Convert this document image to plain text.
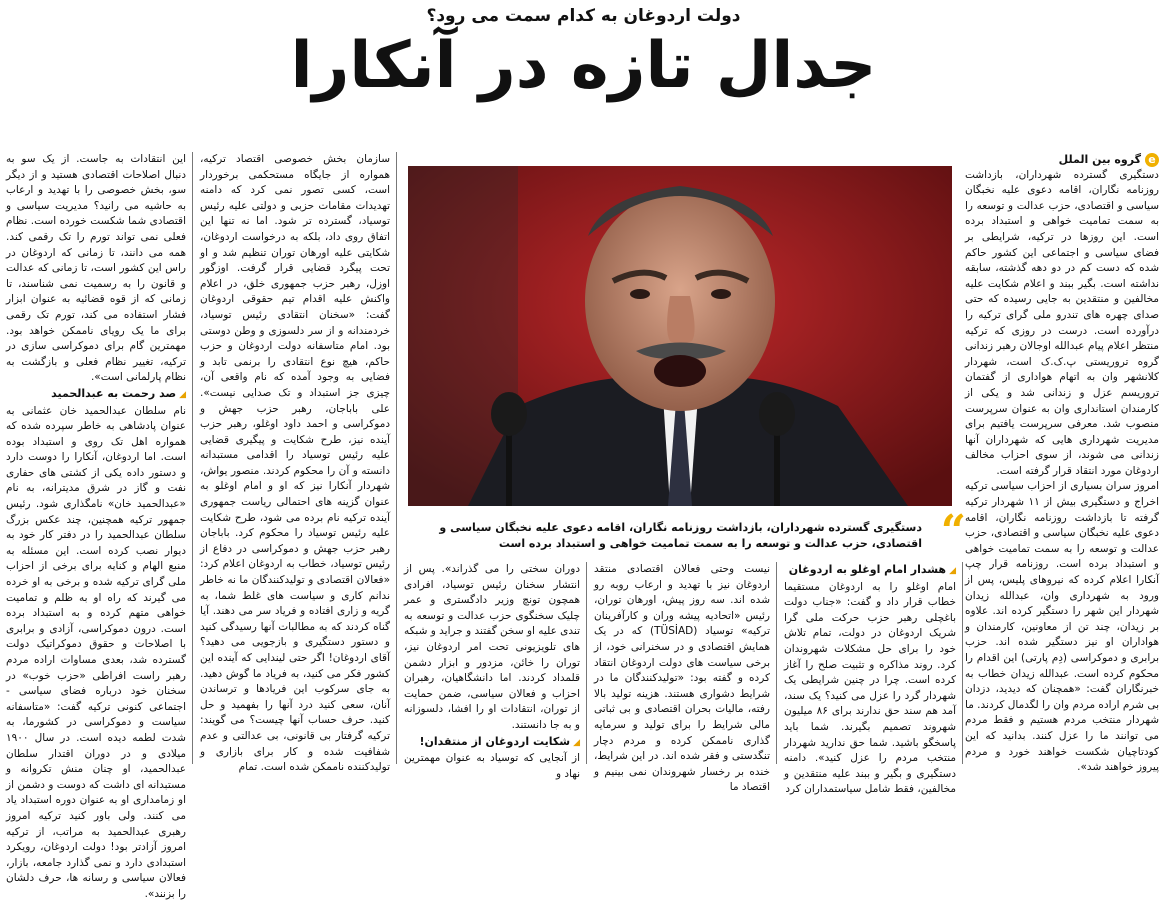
دولت اردوغان به کدام سمت می رود؟
جدال تازه در آنکارا
“
دستگیری گسترده شهرداران، بازداشت روزنامه نگاران، اقامه دعوی علیه نخبگان سیاسی و اقتصادی، حزب عدالت و توسعه را به سمت تمامیت خواهی و استبداد برده است

eگروه بین الملل

دستگیری گسترده شهرداران، بازداشت روزنامه نگاران، اقامه دعوی علیه نخبگان سیاسی و اقتصادی، حزب عدالت و توسعه را به سمت تمامیت خواهی و استبداد برده است. این روزها در ترکیه، شرایطی بر فضای سیاسی و اجتماعی این کشور حاکم شده که دست کم در دو دهه گذشته، سابقه نداشته است. بگیر ببند و اعلام شکایت علیه مخالفین و منتقدین به جایی رسیده که حتی صدای چهره های تندرو ملی گرای ترکیه را درآورده است. درست در روزی که ترکیه منتظر اعلام پیام عبدالله اوجالان رهبر زندانی گروه تروریستی پ.ک.ک است، شهردار کلانشهر وان به اتهام هواداری از گفتمان تروریسم عزل و زندانی شد و یکی از کارمندان استانداری وان به عنوان سرپرست منصوب شد. معرفی سرپرست یافتیم برای مدیریت شهرداری هایی که شهرداران آنها زندانی می شوند، از سوی احزاب مخالف اردوغان مورد انتقاد قرار گرفته است.

امروز سران بسیاری از احزاب سیاسی ترکیه اخراج و دستگیری بیش از ۱۱ شهردار ترکیه گرفته تا بازداشت روزنامه نگاران، اقامه دعوی علیه نخبگان سیاسی و اقتصادی، حزب عدالت و توسعه را به سمت تمامیت خواهی و استبداد برده است. روزنامه قرار چپ آنکارا اعلام کرده که نیروهای پلیس، پس از ورود به شهرداری وان، عبدالله زیدان شهردار این شهر را دستگیر کرده اند. علاوه بر زیدان، چند تن از معاونین، کارمندان و هواداران او نیز دستگیر شده اند. حزب برابری و دموکراسی (دِم پارتی) این اقدام را محکوم کرده است. عبدالله زیدان خطاب به خبرنگاران گفت: «همچنان که دیدید، دزدان بی شرم اراده مردم وان را لگدمال کردند. ما شهردار منتخب مردم هستیم و فقط مردم می توانند ما را عزل کنند. بدانید که این کودتاچیان شکست خواهند خورد و مردم پیروز خواهند شد».

◢هشدار امام اوغلو به اردوغان

امام اوغلو را به اردوغان مستقیما خطاب قرار داد و گفت: «جناب دولت باغچلی رهبر حزب حرکت ملی گرا شریک اردوغان در دولت، تمام تلاش خود را برای حل مشکلات شهروندان کرد. روند مذاکره و تثبیت صلح را آغاز کرده است. چرا در چنین شرایطی یک شهردار گرد را عزل می کنید؟ یک سند، آمد هم سند حق ندارند برای ۸۶ میلیون شهروند تصمیم بگیرند. شما باید پاسخگو باشید. شما حق ندارید شهردار منتخب مردم را عزل کنید». دامنه دستگیری و بگیر و ببند علیه منتقدین و مخالفین، فقط شامل سیاستمداران کرد

نیست وحتی فعالان اقتصادی منتقد اردوغان نیز با تهدید و ارعاب روبه رو شده اند. سه روز پیش، اورهان توران، رئیس «اتحادیه پیشه وران و کارآفرینان ترکیه» توسیاد (TÜSİAD) که در یک همایش اقتصادی و در سخنرانی خود، از برخی سیاست های دولت اردوغان انتقاد کرده و گفته بود: «تولیدکنندگان ما در شرایط دشواری هستند. هزینه تولید بالا رفته، مالیات بحران اقتصادی و بی ثباتی مالی شرایط را برای تولید و سرمایه گذاری ناممکن کرده و مردم دچار تنگدستی و فقر شده اند. در این شرایط، خنده بر رخسار شهروندان نمی بینیم و اقتصاد ما

دوران سختی را می گذراند». پس از انتشار سخنان رئیس توسیاد، افرادی همچون تونچ وزیر دادگستری و عمر چلیک سخنگوی حزب عدالت و توسعه به تندی علیه او سخن گفتند و جراید و شبکه های تلویزیونی تحت امر اردوغان نیز، توران را خائن، مزدور و ابزار دشمن قلمداد کردند. اما دانشگاهیان، رهبران احزاب و فعالان سیاسی، ضمن حمایت از توران، انتقادات او را افشا، دلسوزانه و به جا دانستند.

◢شکایت اردوغان از منتقدان!

از آنجایی که توسیاد به عنوان مهمترین نهاد و

سازمان بخش خصوصی اقتصاد ترکیه، همواره از جایگاه مستحکمی برخوردار است، کسی تصور نمی کرد که دامنه تهدیدات مقامات حزبی و دولتی علیه رئیس توسیاد، گسترده تر شود. اما نه تنها این اتفاق روی داد، بلکه به درخواست اردوغان، شکایتی علیه اورهان توران تنظیم شد و او تحت پیگرد قضایی قرار گرفت. اوزگور اوزل، رهبر حزب جمهوری خلق، در اعلام واکنش علیه اقدام تیم حقوقی اردوغان گفت: «سخنان انتقادی رئیس توسیاد، خردمندانه و از سر دلسوزی و وطن دوستی بود. امام متاسفانه دولت اردوغان و حزب حاکم، هیچ نوع انتقادی را برنمی تابد و فضایی به وجود آمده که نام واقعی آن، چیزی جز استبداد و تک صدایی نیست». علی باباجان، رهبر حزب جهش و دموکراسی و احمد داود اوغلو، رهبر حزب آینده نیز، طرح شکایت و پیگیری قضایی علیه رئیس توسیاد را اقدامی مستبدانه دانسته و آن را محکوم کردند. منصور یواش، شهردار آنکارا نیز که او و امام اوغلو به عنوان گزینه های احتمالی ریاست جمهوری آینده ترکیه نام برده می شود، طرح شکایت علیه رئیس توسیاد را محکوم کرد. باباجان رهبر حزب جهش و دموکراسی در دفاع از رئیس توسیاد، خطاب به اردوغان اعلام کرد: «فعالان اقتصادی و تولیدکنندگان ما نه خاطر ندانم کاری و سیاست های غلط شما، به گریه و زاری افتاده و فریاد سر می دهند. آیا گناه کردند که به مطالبات آنها رسیدگی کنید و دستور دستگیری و بازجویی می دهید؟ آقای اردوغان! اگر حتی لیندایی که آینده این کشور فکر می کنید، به فریاد ما گوش دهید. به جای سرکوب این فریادها و ترساندن آنان، سعی کنید درد آنها را بفهمید و حل کنید. حرف حساب آنها چیست؟ می گویند: ترکیه گرفتار بی قانونی، بی عدالتی و عدم شفافیت شده و کار برای بازاری و تولیدکننده ناممکن شده است. تمام

این انتقادات به جاست. از یک سو به دنبال اصلاحات اقتصادی هستید و از دیگر سو، بخش خصوصی را با تهدید و ارعاب به حاشیه می رانید؟ مدیریت سیاسی و اقتصادی شما شکست خورده است. نظام فعلی نمی تواند تورم را تک رقمی کند. همه می دانند، تا زمانی که اردوغان در راس این کشور است، تا زمانی که عدالت و قانون را به رسمیت نمی شناسند، تا زمانی که از قوه قضائیه به عنوان ابزار فشار استفاده می کند، تورم تک رقمی برای ما یک رویای ناممکن خواهد بود. مهمترین گام برای دموکراسی سازی در ترکیه، تغییر نظام فعلی و بازگشت به نظام پارلمانی است».

◢صد رحمت به عبدالحمید

نام سلطان عبدالحمید خان عثمانی به عنوان پادشاهی به خاطر سپرده شده که همواره اهل تک روی و استبداد بوده است. اما اردوغان، آنکارا را دوست دارد و دستور داده یکی از کشتی های حفاری نفت و گاز در شرق مدیترانه، به نام «عبدالحمید خان» نامگذاری شود. رئیس جمهور ترکیه همچنین، چند عکس بزرگ سلطان عبدالحمید را در دفتر کار خود به دیوار نصب کرده است. این مسئله به منبع الهام و کنایه برای برخی از احزاب ملی گرای ترکیه شده و برخی به او خرده می گیرند که راه او به ظلم و تمامیت خواهی متهم کرده و به استبداد برده است. درون دموکراسی، آزادی و برابری با اصلاحات و حقوق دموکراتیک دولت گسترده شد، بعدی مساوات اراده مردم رهبر راست افراطی «حزب خوب» در سخنان خود درباره فضای سیاسی - اجتماعی کنونی ترکیه گفت: «متاسفانه سیاست و دموکراسی در کشورما، به شدت لطمه دیده است. در سال ۱۹۰۰ میلادی و در دوران اقتدار سلطان عبدالحمید، او چنان منش تکروانه و مستبدانه ای داشت که دوست و دشمن از او زمامداری او به عنوان دوره استبداد یاد می کنند. ولی باور کنید ترکیه امروز رهبری عبدالحمید به مراتب، از ترکیه امروز آزادتر بود! دولت اردوغان، رویکرد استبدادی دارد و نمی گذارد جامعه، بازار، فعالان سیاسی و رسانه ها، حرف دلشان را بزنند».
